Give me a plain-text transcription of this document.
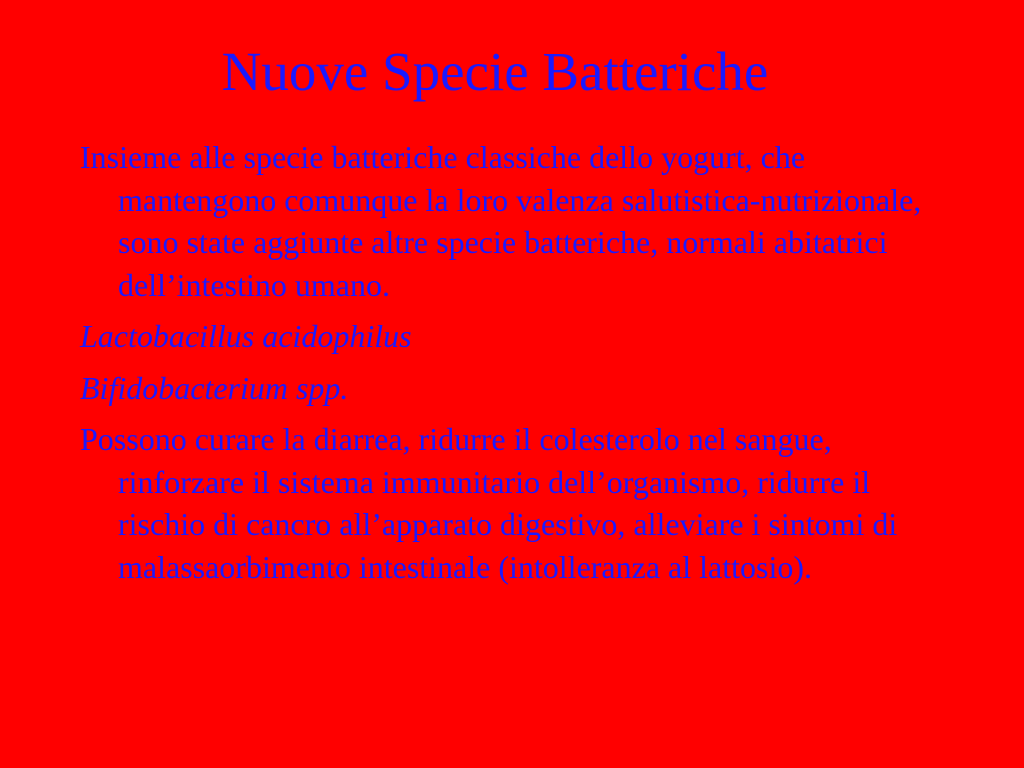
Nuove Specie Batteriche

Insieme alle specie batteriche classiche dello yogurt, che mantengono comunque la loro valenza salutistica-nutrizionale, sono state aggiunte altre specie batteriche, normali abitatrici dell’intestino umano.

Lactobacillus acidophilus

Bifidobacterium spp.

Possono curare la diarrea, ridurre il colesterolo nel sangue, rinforzare il sistema immunitario dell’organismo, ridurre il rischio di cancro all’apparato digestivo, alleviare i sintomi di malassaorbimento intestinale (intolleranza al lattosio).
